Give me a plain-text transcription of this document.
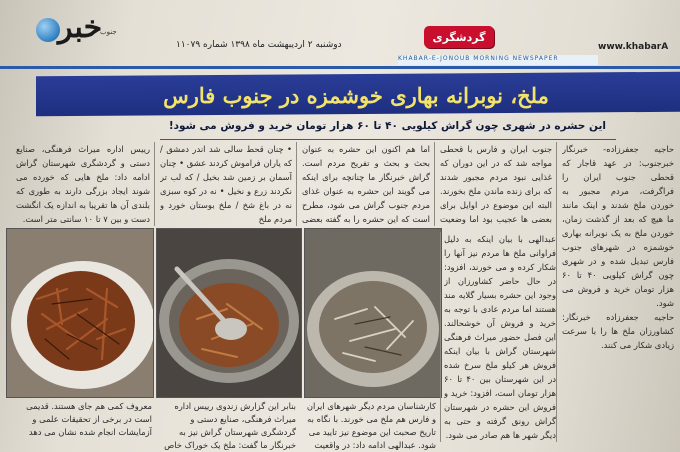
خبر
جنوب
دوشنبه ۲ اردیبهشت ماه ۱۳۹۸ شماره ۱۱۰۷۹
گردشگری
www.khabarA
KHABAR-E-JONOUB MORNING NEWSPAPER
ملخ، نوبرانه بهاری خوشمزه در جنوب فارس
این حشره در شهری چون گراش کیلویی ۴۰ تا ۶۰ هزار تومان خرید و فروش می شود!

حاجیه جعفرزاده- خبرنگار خبرجنوب: در عهد قاجار که قحطی جنوب ایران را فراگرفت، مردم مجبور به خوردن ملخ شدند و اینک مانند ما هیچ که بعد از گذشت زمان، خوردن ملخ به یک نوبرانه بهاری خوشمزه در شهرهای جنوب فارس تبدیل شده و در شهری چون گراش کیلویی ۴۰ تا ۶۰ هزار تومان خرید و فروش می شود.

حاجیه جعفرزاده خبرنگار: کشاورزان ملخ ها را با سرعت زیادی شکار می کنند.

جنوب ایران و فارس با قحطی مواجه شد که در این دوران که غذایی نبود مردم مجبور شدند که برای زنده ماندن ملخ بخورند. البته این موضوع در اوایل برای بعضی ها عجیب بود اما وضعیت

اما هم اکنون این حشره به عنوان بحث و بحث و تفریح مردم است. گراش خبرنگار ما چنانچه برای اینکه می گویند این حشره به عنوان غذای مردم جنوب گراش می شود، مطرح است که این حشره را به گفته بعضی

• چنان قحط سالی شد اندر دمشق / که یاران فراموش کردند عشق • چنان آسمان بر زمین شد بخیل / که لب تر نکردند زرع و نخیل • نه در کوه سبزی نه در باغ شخ / ملخ بوستان خورد و مردم ملخ

رییس اداره میراث فرهنگی، صنایع دستی و گردشگری شهرستان گراش ادامه داد: ملخ هایی که خورده می شوند ایجاد بزرگی دارند به طوری که بلندی آن ها تقریبا به اندازه یک انگشت دست و بین ۷ تا ۱۰ سانتی متر است.

عبدالهی با بیان اینکه به دلیل فراوانی ملخ ها مردم نیز آنها را شکار کرده و می خورند، افزود: در حال حاضر کشاورزان از وجود این حشره بسیار گلایه مند هستند اما مردم عادی با توجه به خرید و فروش آن خوشحالند. این فصل حضور میراث فرهنگی شهرستان گراش با بیان اینکه فروش هر کیلو ملخ سرخ شده در این شهرستان بین ۴۰ تا ۶۰ هزار تومان است، افزود: خرید و فروش این حشره در شهرستان گراش رونق گرفته و حتی به دیگر شهر ها هم صادر می شود.

کارشناسان مردم دیگر شهرهای ایران و فارس هم ملخ می خورند. با نگاه به تاریخ صحبت این موضوع نیز تایید می شود. عبدالهی ادامه داد: در واقعیت
بنابر این گزارش زندوی رییس اداره میراث فرهنگی، صنایع دستی و گردشگری شهرستان گراش نیز به خبرنگار ما گفت: ملخ یک خوراک خاص
معروف کمی هم جای هستند. قدیمی است در برخی از تحقیقات علمی و آزمایشات انجام شده نشان می دهد
